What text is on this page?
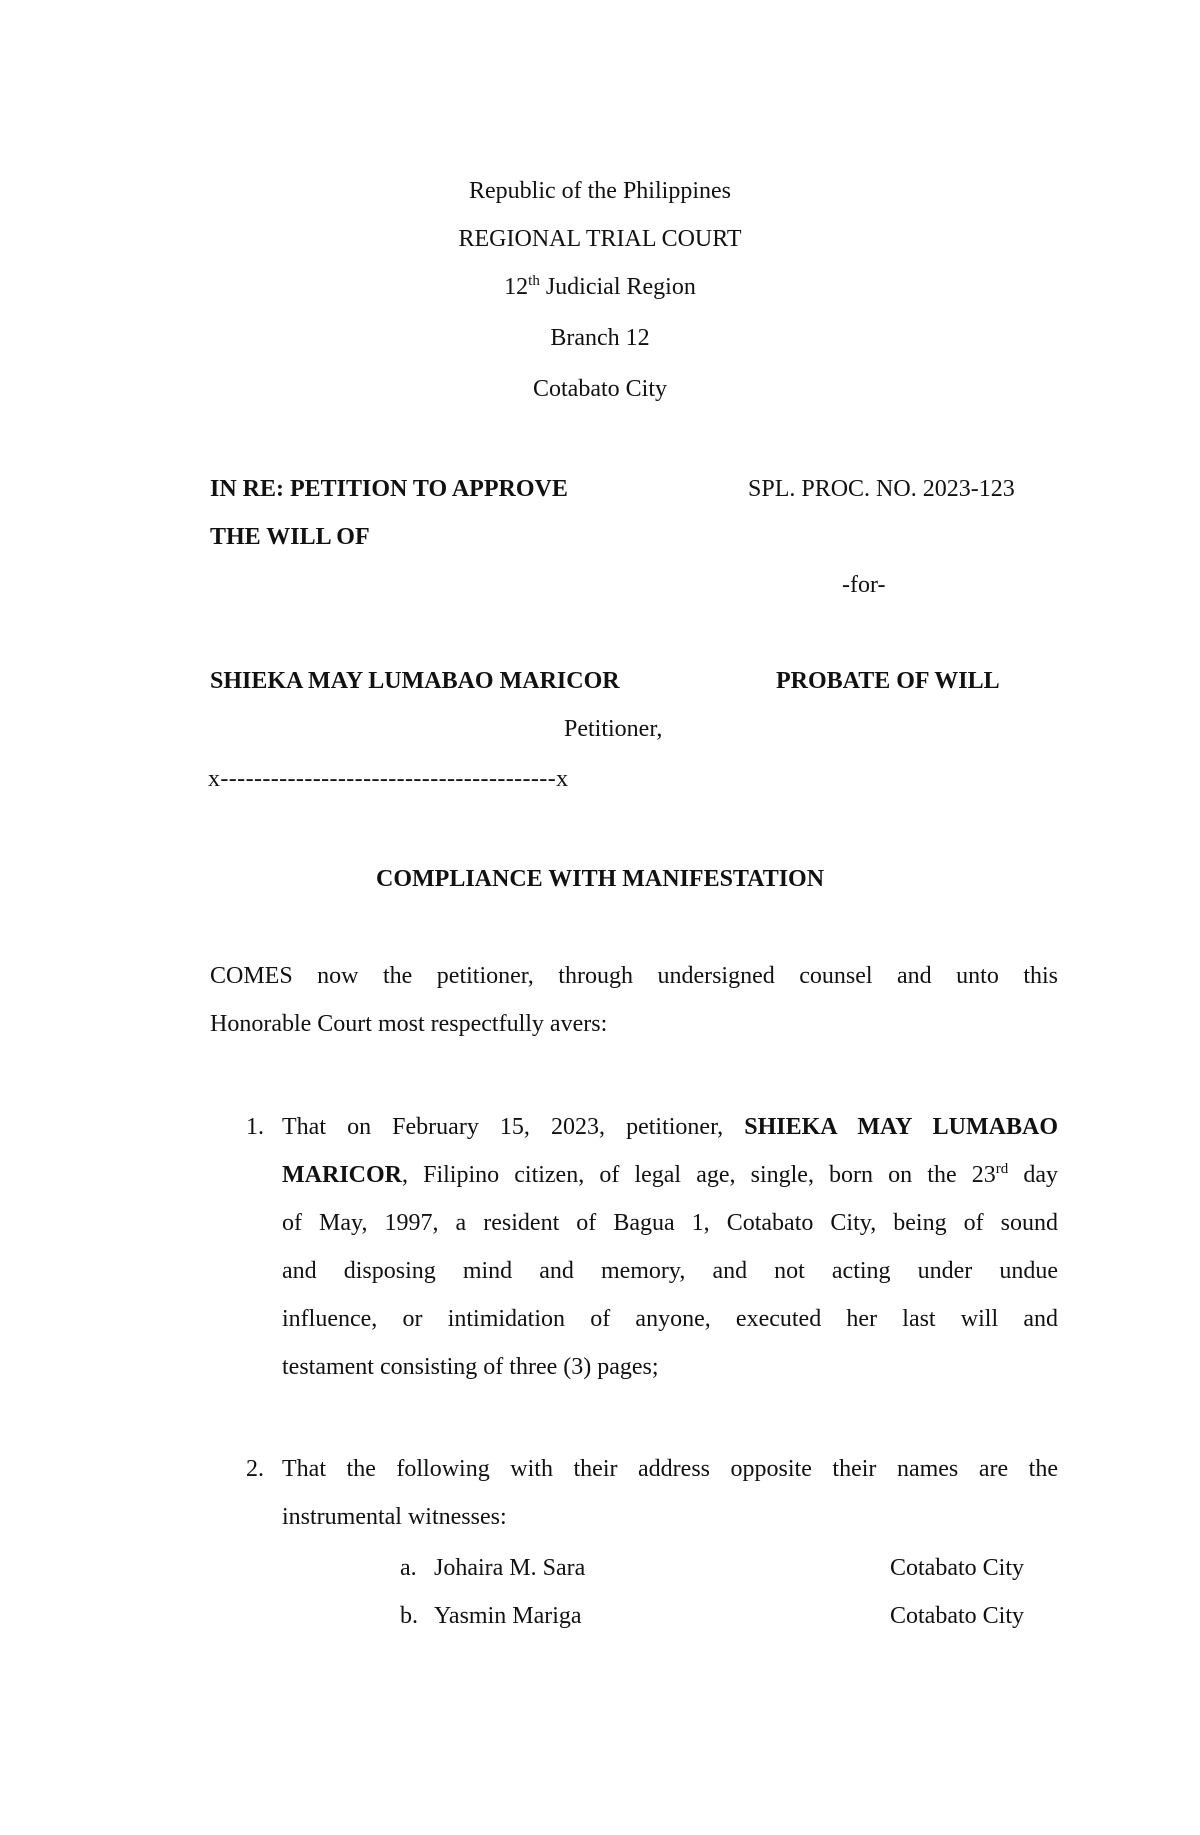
Republic of the Philippines
REGIONAL TRIAL COURT
12th Judicial Region
Branch 12
Cotabato City
IN RE: PETITION TO APPROVE
THE WILL OF
SPL. PROC. NO. 2023-123
-for-
SHIEKA MAY LUMABAO MARICOR	PROBATE OF WILL
Petitioner,
x----------------------------------------x
COMPLIANCE WITH MANIFESTATION
COMES now the petitioner, through undersigned counsel and unto this
Honorable Court most respectfully avers:
1. That on February 15, 2023, petitioner, SHIEKA MAY LUMABAO
MARICOR, Filipino citizen, of legal age, single, born on the 23rd day
of May, 1997, a resident of Bagua 1, Cotabato City, being of sound
and disposing mind and memory, and not acting under undue
influence, or intimidation of anyone, executed her last will and
testament consisting of three (3) pages;
2. That the following with their address opposite their names are the
instrumental witnesses:
a. Johaira M. Sara	Cotabato City
b. Yasmin Mariga	Cotabato City
